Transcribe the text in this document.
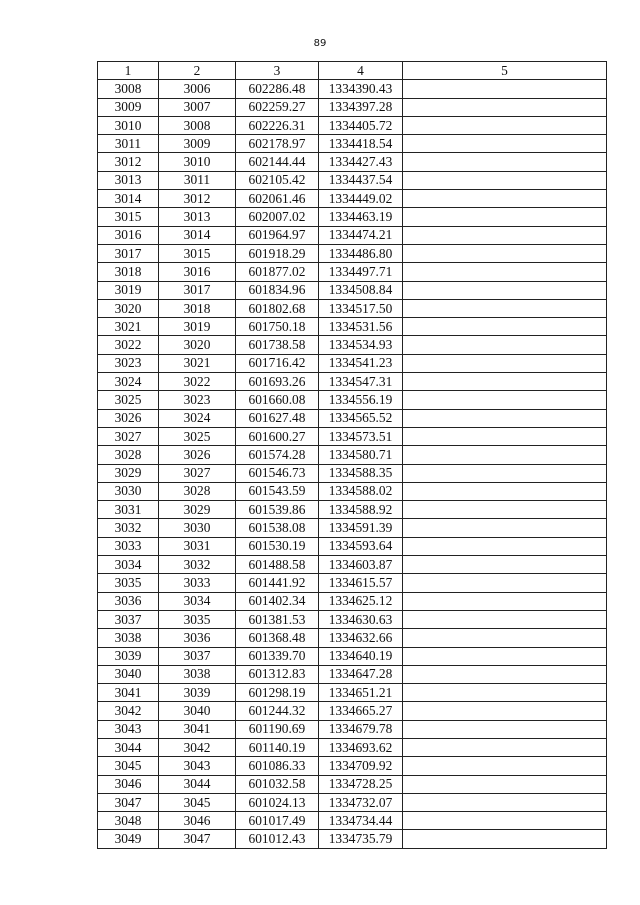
89
1	2	3	4	5
3008	3006	602286.48	1334390.43	
3009	3007	602259.27	1334397.28	
3010	3008	602226.31	1334405.72	
3011	3009	602178.97	1334418.54	
3012	3010	602144.44	1334427.43	
3013	3011	602105.42	1334437.54	
3014	3012	602061.46	1334449.02	
3015	3013	602007.02	1334463.19	
3016	3014	601964.97	1334474.21	
3017	3015	601918.29	1334486.80	
3018	3016	601877.02	1334497.71	
3019	3017	601834.96	1334508.84	
3020	3018	601802.68	1334517.50	
3021	3019	601750.18	1334531.56	
3022	3020	601738.58	1334534.93	
3023	3021	601716.42	1334541.23	
3024	3022	601693.26	1334547.31	
3025	3023	601660.08	1334556.19	
3026	3024	601627.48	1334565.52	
3027	3025	601600.27	1334573.51	
3028	3026	601574.28	1334580.71	
3029	3027	601546.73	1334588.35	
3030	3028	601543.59	1334588.02	
3031	3029	601539.86	1334588.92	
3032	3030	601538.08	1334591.39	
3033	3031	601530.19	1334593.64	
3034	3032	601488.58	1334603.87	
3035	3033	601441.92	1334615.57	
3036	3034	601402.34	1334625.12	
3037	3035	601381.53	1334630.63	
3038	3036	601368.48	1334632.66	
3039	3037	601339.70	1334640.19	
3040	3038	601312.83	1334647.28	
3041	3039	601298.19	1334651.21	
3042	3040	601244.32	1334665.27	
3043	3041	601190.69	1334679.78	
3044	3042	601140.19	1334693.62	
3045	3043	601086.33	1334709.92	
3046	3044	601032.58	1334728.25	
3047	3045	601024.13	1334732.07	
3048	3046	601017.49	1334734.44	
3049	3047	601012.43	1334735.79	
